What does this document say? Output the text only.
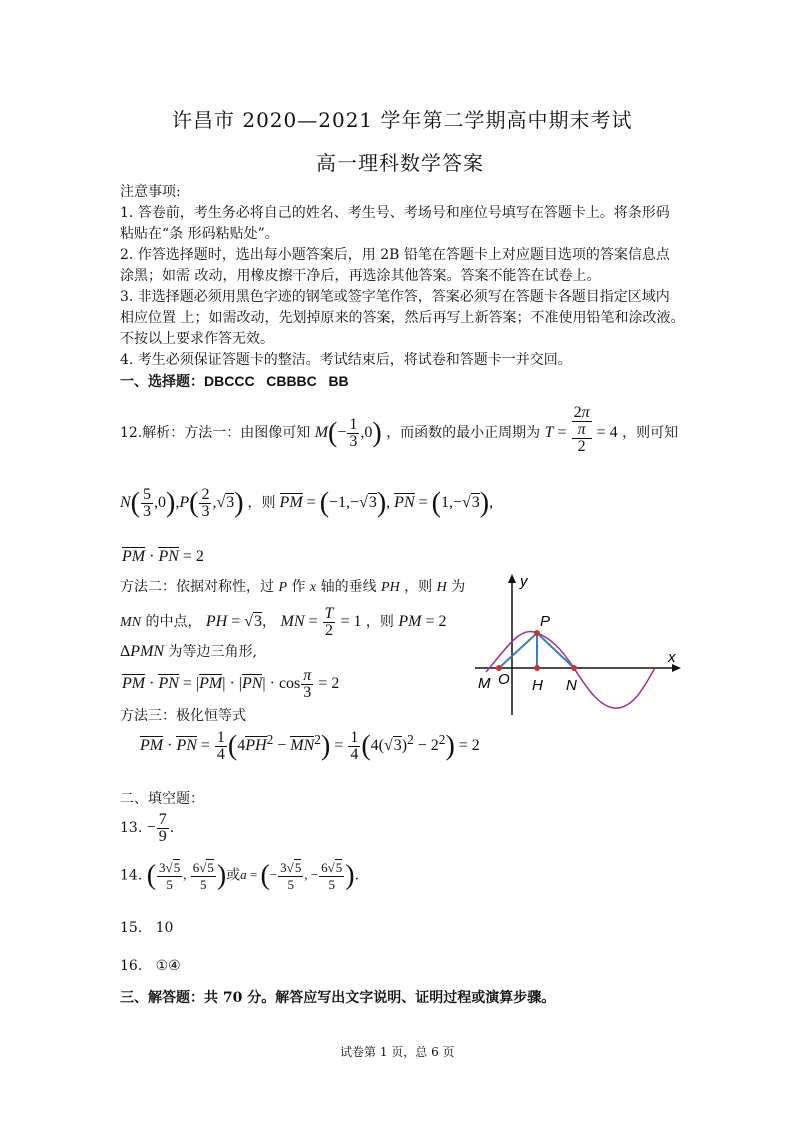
许昌市 2020—2021 学年第二学期高中期末考试
高一理科数学答案
注意事项:
1. 答卷前，考生务必将自己的姓名、考生号、考场号和座位号填写在答题卡上。将条形码
粘贴在“条 形码粘贴处”。
2. 作答选择题时，选出每小题答案后，用 2B 铅笔在答题卡上对应题目选项的答案信息点
涂黑；如需 改动，用橡皮擦干净后，再选涂其他答案。答案不能答在试卷上。
3. 非选择题必须用黑色字迹的钢笔或签字笔作答，答案必须写在答题卡各题目指定区域内
相应位置 上；如需改动，先划掉原来的答案，然后再写上新答案；不准使用铅笔和涂改液。
不按以上要求作答无效。
4. 考生必须保证答题卡的整洁。考试结束后，将试卷和答题卡一并交回。
一、选择题：DBCCC   CBBBC   BB
12.解析：方法一：由图像可知 $M(- \frac{1}{3} ,0)$ ，而函数的最小正周期为 T =
2π
π
2
= 4 ，则可知
$N( \frac{5}{3} ,0),P( \frac{2}{3} ,√3)$ ，则 PM = (−1,−√3), PN = (1,−√3),
PM · PN = 2
方法二：依据对称性，过 P 作 x 轴的垂线 PH ，则 H 为
MN 的中点， PH = √3， MN = $\frac{T}{2} = 1$ ，则 PM = 2
ΔPMN 为等边三角形,
PM · PN = $|PM| \cdot |PN| \cdot \cos \frac{\pi}{3} = 2$
方法三：极化恒等式
PM · PN = $\frac{1}{4} (4PH^2 - MN^2) = \frac{1}{4} (4(√3)^2 - 2^2) = 2$
y
x
P
M O H N
二、填空题：
13. − $\frac{7}{9}$ .
14. ( $\frac{3√5}{5}$ , $\frac{6√5}{5}$ )或a = (− $\frac{3√5}{5}$ , − $\frac{6√5}{5}$ ).
15.   10
16.   ①④
三、解答题：共 70 分。解答应写出文字说明、证明过程或演算步骤。
试卷第 1 页，总 6 页
